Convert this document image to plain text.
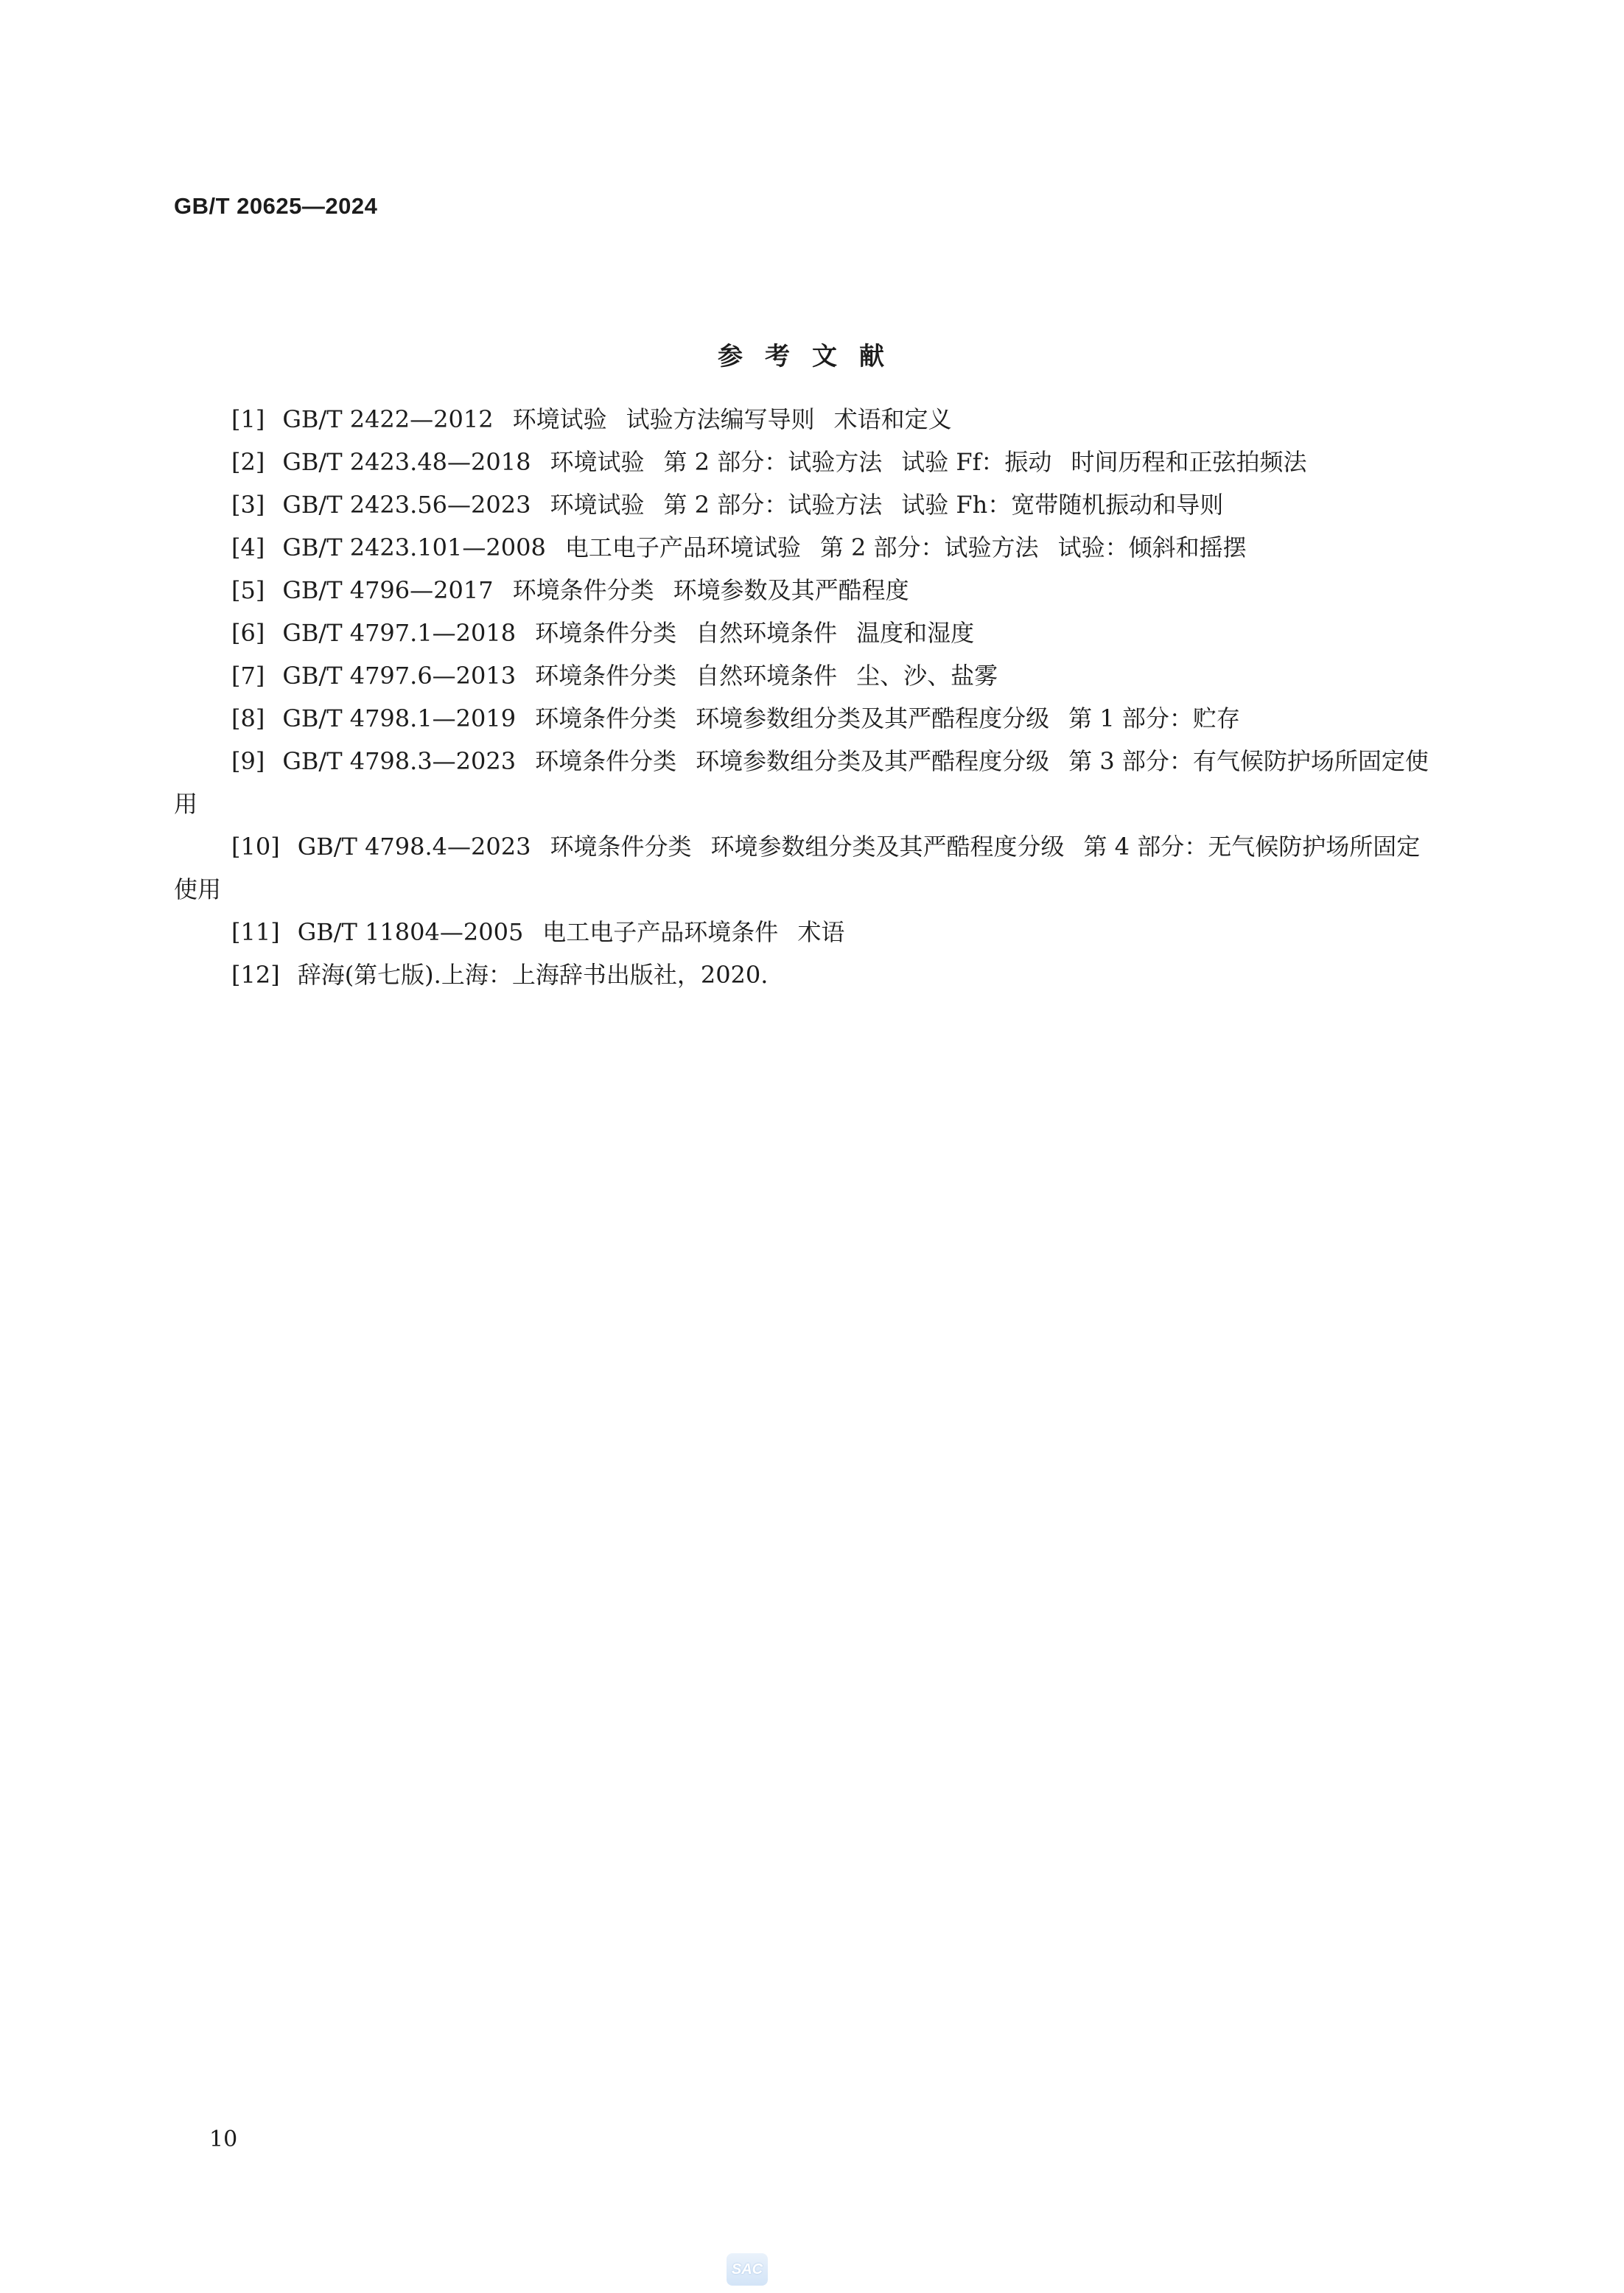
GB/T 20625—2024
参考文献

[1] GB/T 2422—2012 环境试验 试验方法编写导则 术语和定义

[2] GB/T 2423.48—2018 环境试验 第 2 部分：试验方法 试验 Ff：振动 时间历程和正弦拍频法

[3] GB/T 2423.56—2023 环境试验 第 2 部分：试验方法 试验 Fh：宽带随机振动和导则

[4] GB/T 2423.101—2008 电工电子产品环境试验 第 2 部分：试验方法 试验：倾斜和摇摆

[5] GB/T 4796—2017 环境条件分类 环境参数及其严酷程度

[6] GB/T 4797.1—2018 环境条件分类 自然环境条件 温度和湿度

[7] GB/T 4797.6—2013 环境条件分类 自然环境条件 尘、沙、盐雾

[8] GB/T 4798.1—2019 环境条件分类 环境参数组分类及其严酷程度分级 第 1 部分：贮存

[9] GB/T 4798.3—2023 环境条件分类 环境参数组分类及其严酷程度分级 第 3 部分：有气候防护场所固定使用

[10] GB/T 4798.4—2023 环境条件分类 环境参数组分类及其严酷程度分级 第 4 部分：无气候防护场所固定使用

[11] GB/T 11804—2005 电工电子产品环境条件 术语

[12] 辞海(第七版).上海：上海辞书出版社，2020.

10
SAC
